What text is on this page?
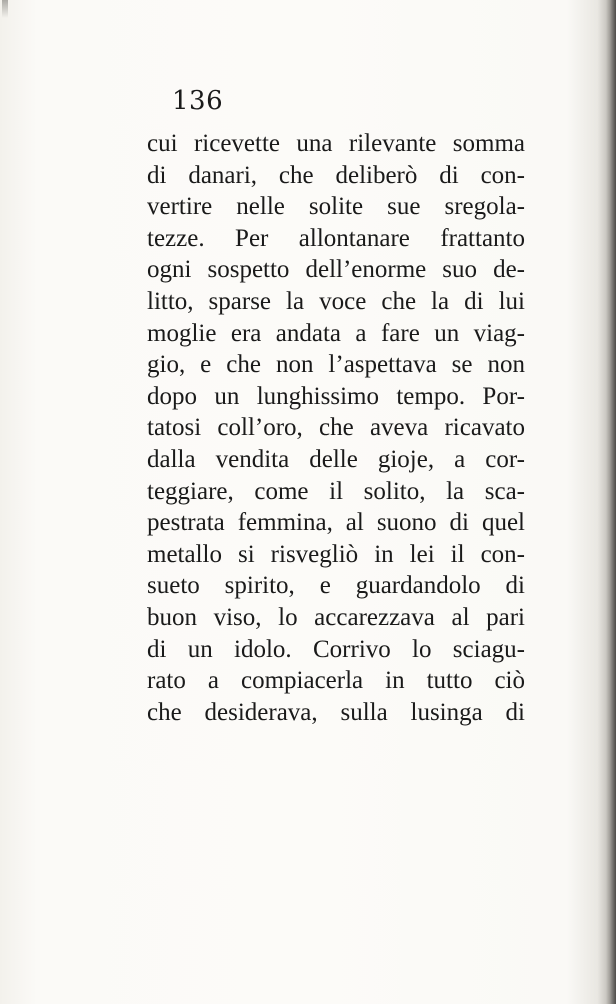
136
cui ricevette una rilevante somma
di danari, che deliberò di con-
vertire nelle solite sue sregola-
tezze. Per allontanare frattanto
ogni sospetto dell’enorme suo de-
litto, sparse la voce che la di lui
moglie era andata a fare un viag-
gio, e che non l’aspettava se non
dopo un lunghissimo tempo. Por-
tatosi coll’oro, che aveva ricavato
dalla vendita delle gioje, a cor-
teggiare, come il solito, la sca-
pestrata femmina, al suono di quel
metallo si risvegliò in lei il con-
sueto spirito, e guardandolo di
buon viso, lo accarezzava al pari
di un idolo. Corrivo lo sciagu-
rato a compiacerla in tutto ciò
che desiderava, sulla lusinga di
